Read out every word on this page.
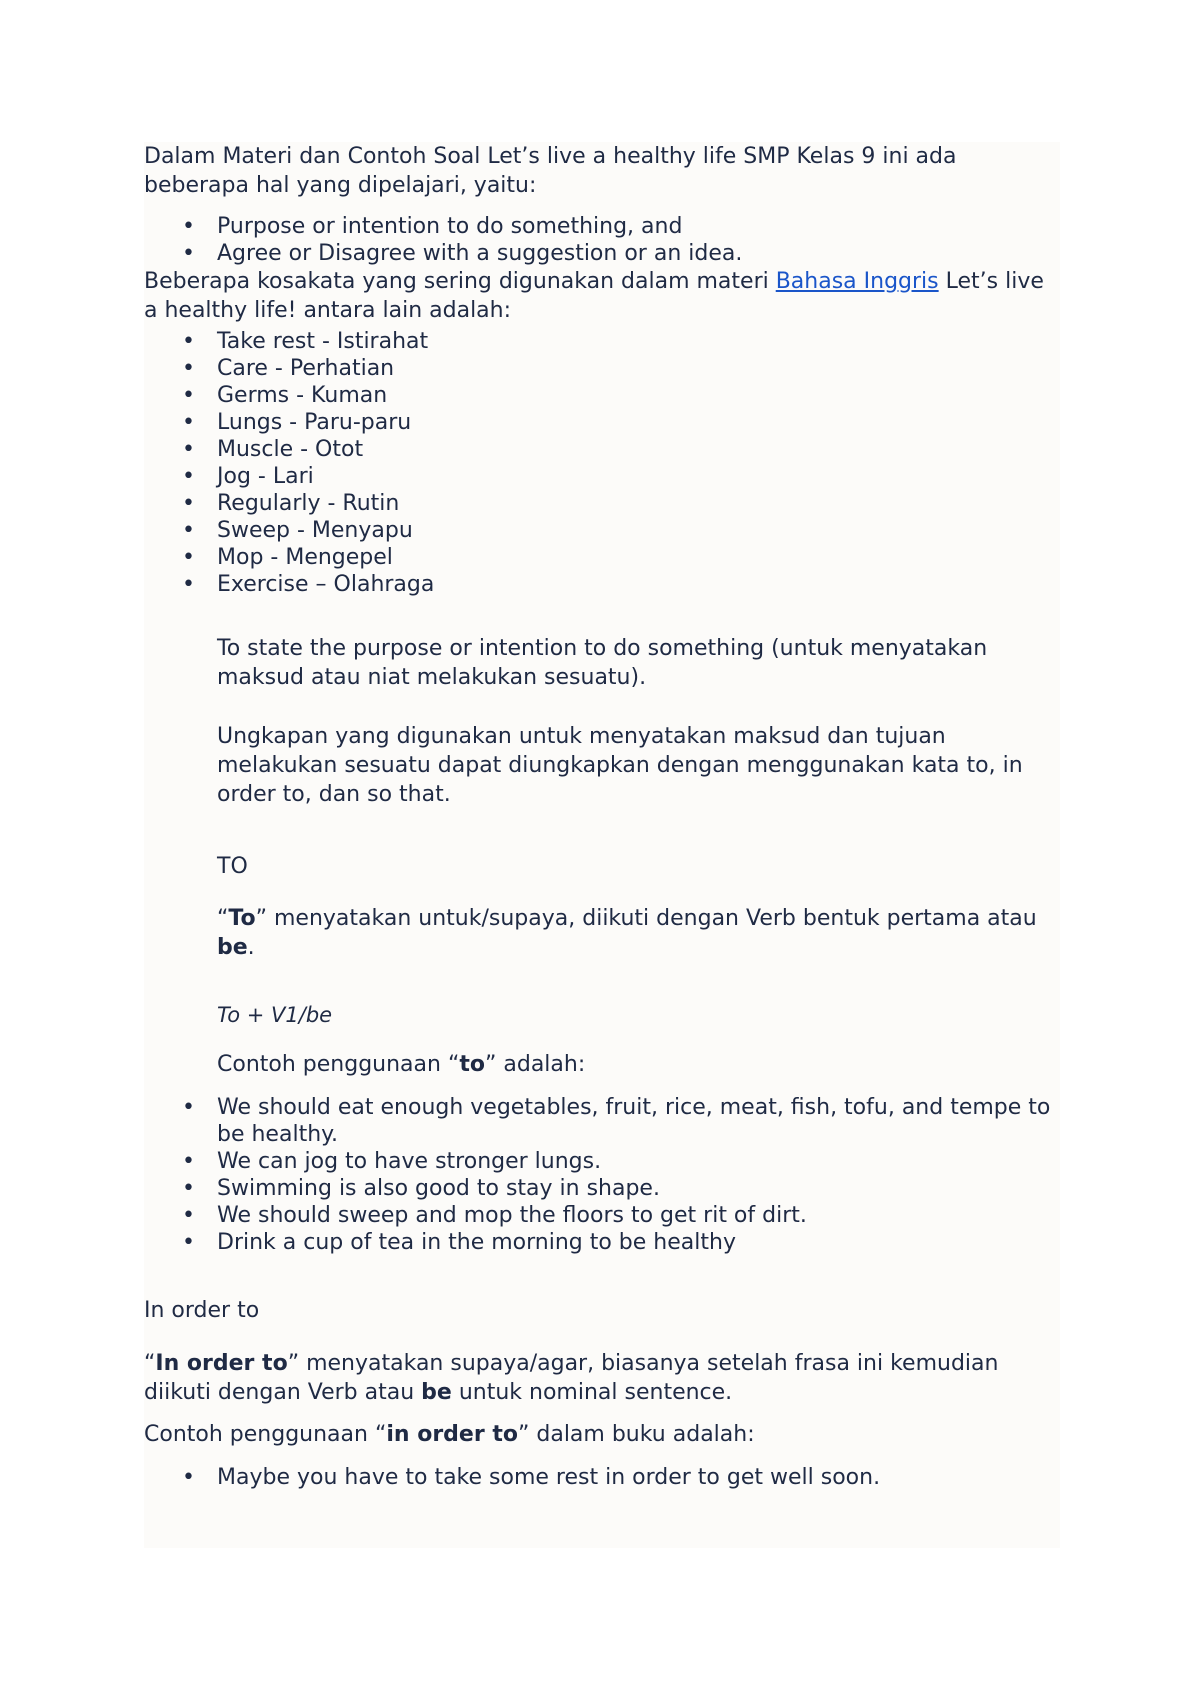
Dalam Materi dan Contoh Soal Let’s live a healthy life SMP Kelas 9 ini ada beberapa hal yang dipelajari, yaitu:

• Purpose or intention to do something, and
• Agree or Disagree with a suggestion or an idea.

Beberapa kosakata yang sering digunakan dalam materi Bahasa Inggris Let’s live a healthy life! antara lain adalah:

• Take rest - Istirahat
• Care - Perhatian
• Germs - Kuman
• Lungs - Paru-paru
• Muscle - Otot
• Jog - Lari
• Regularly - Rutin
• Sweep - Menyapu
• Mop - Mengepel
• Exercise – Olahraga

To state the purpose or intention to do something (untuk menyatakan maksud atau niat melakukan sesuatu).

Ungkapan yang digunakan untuk menyatakan maksud dan tujuan melakukan sesuatu dapat diungkapkan dengan menggunakan kata to, in order to, dan so that.

TO

“To” menyatakan untuk/supaya, diikuti dengan Verb bentuk pertama atau be.

To + V1/be

Contoh penggunaan “to” adalah:

• We should eat enough vegetables, fruit, rice, meat, fish, tofu, and tempe to be healthy.
• We can jog to have stronger lungs.
• Swimming is also good to stay in shape.
• We should sweep and mop the floors to get rit of dirt.
• Drink a cup of tea in the morning to be healthy

In order to

“In order to” menyatakan supaya/agar, biasanya setelah frasa ini kemudian diikuti dengan Verb atau be untuk nominal sentence.

Contoh penggunaan “in order to” dalam buku adalah:

• Maybe you have to take some rest in order to get well soon.
